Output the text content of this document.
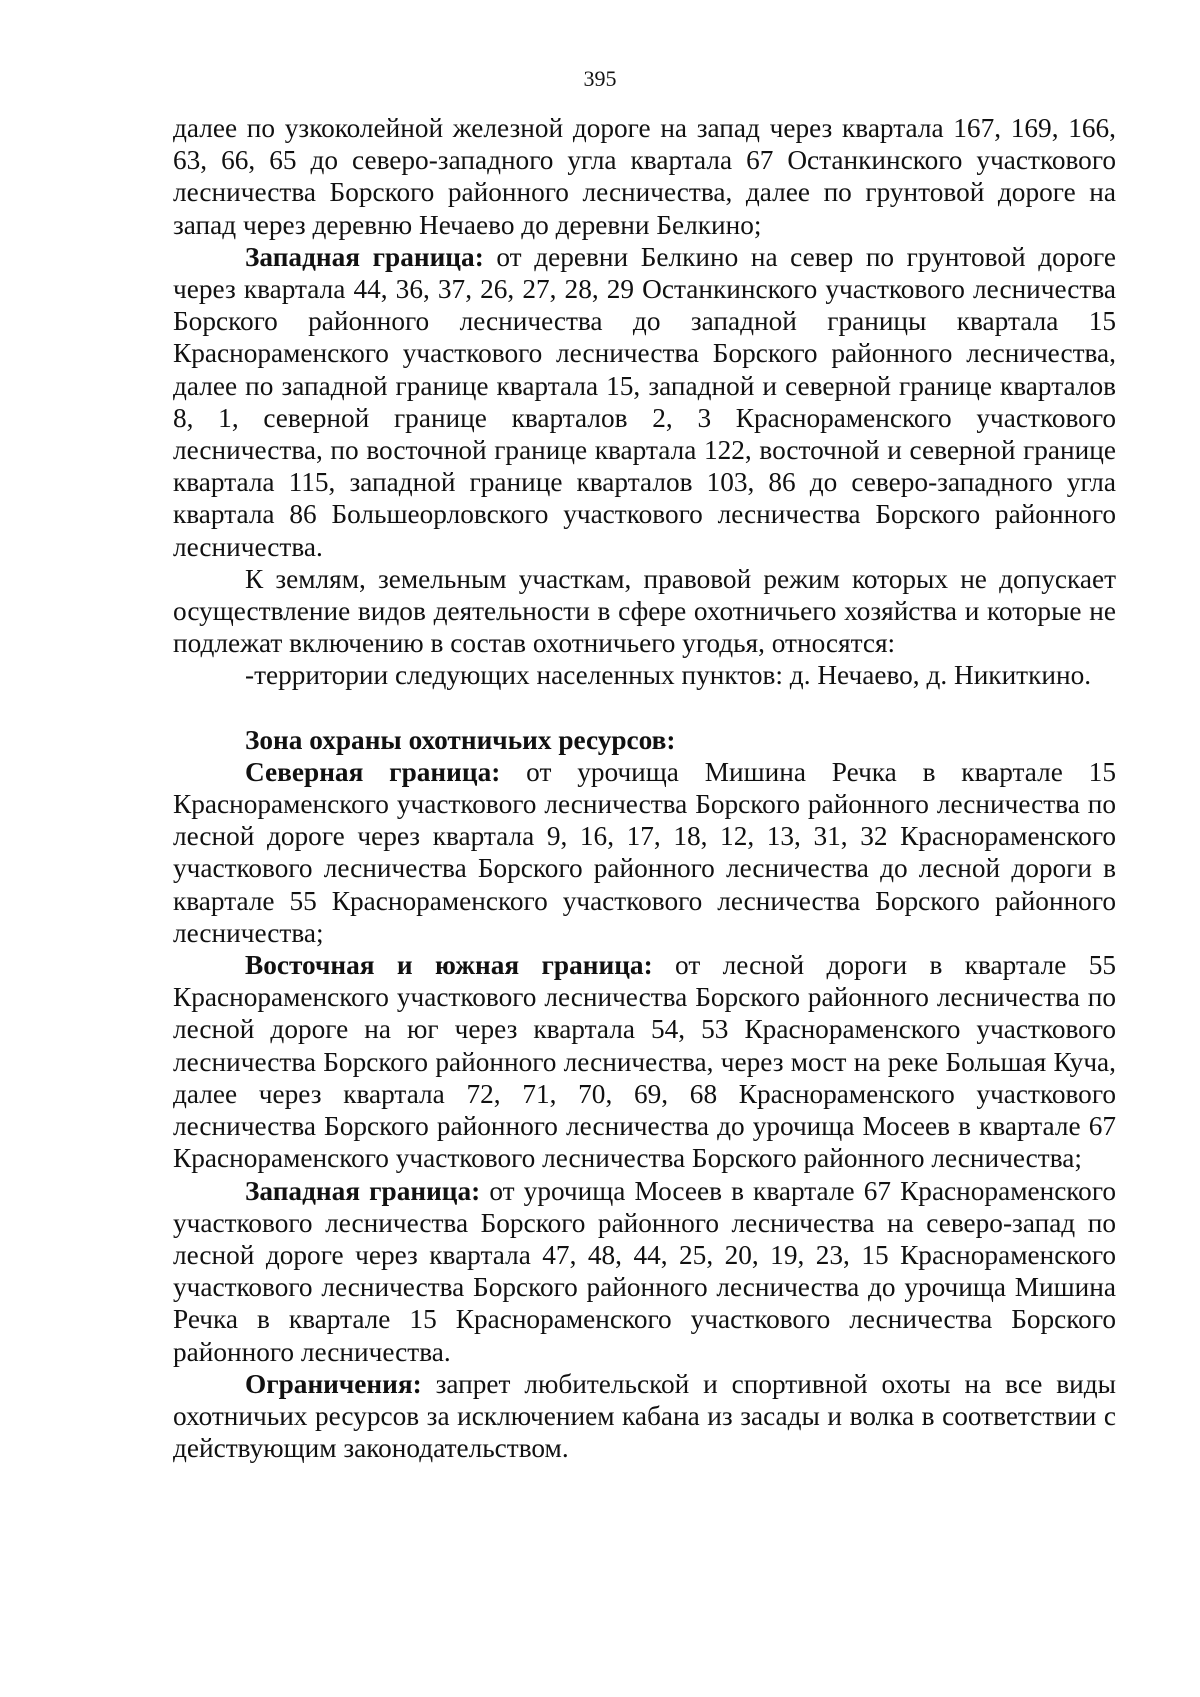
395

далее по узкоколейной железной дороге на запад через квартала 167, 169, 166, 63, 66, 65 до северо-западного угла квартала 67 Останкинского участкового лесничества Борского районного лесничества, далее по грунтовой дороге на запад через деревню Нечаево до деревни Белкино;

Западная граница: от деревни Белкино на север по грунтовой дороге через квартала 44, 36, 37, 26, 27, 28, 29 Останкинского участкового лесничества Борского районного лесничества до западной границы квартала 15 Краснораменского участкового лесничества Борского районного лесничества, далее по западной границе квартала 15, западной и северной границе кварталов 8, 1, северной границе кварталов 2, 3 Краснораменского участкового лесничества, по восточной границе квартала 122, восточной и северной границе квартала 115, западной границе кварталов 103, 86 до северо-западного угла квартала 86 Большеорловского участкового лесничества Борского районного лесничества.

К землям, земельным участкам, правовой режим которых не допускает осуществление видов деятельности в сфере охотничьего хозяйства и которые не подлежат включению в состав охотничьего угодья, относятся:

-территории следующих населенных пунктов: д. Нечаево, д. Никиткино.

Зона охраны охотничьих ресурсов:

Северная граница: от урочища Мишина Речка в квартале 15 Краснораменского участкового лесничества Борского районного лесничества по лесной дороге через квартала 9, 16, 17, 18, 12, 13, 31, 32 Краснораменского участкового лесничества Борского районного лесничества до лесной дороги в квартале 55 Краснораменского участкового лесничества Борского районного лесничества;

Восточная и южная граница: от лесной дороги в квартале 55 Краснораменского участкового лесничества Борского районного лесничества по лесной дороге на юг через квартала 54, 53 Краснораменского участкового лесничества Борского районного лесничества, через мост на реке Большая Куча, далее через квартала 72, 71, 70, 69, 68 Краснораменского участкового лесничества Борского районного лесничества до урочища Мосеев в квартале 67 Краснораменского участкового лесничества Борского районного лесничества;

Западная граница: от урочища Мосеев в квартале 67 Краснораменского участкового лесничества Борского районного лесничества на северо-запад по лесной дороге через квартала 47, 48, 44, 25, 20, 19, 23, 15 Краснораменского участкового лесничества Борского районного лесничества до урочища Мишина Речка в квартале 15 Краснораменского участкового лесничества Борского районного лесничества.

Ограничения: запрет любительской и спортивной охоты на все виды охотничьих ресурсов за исключением кабана из засады и волка в соответствии с действующим законодательством.
